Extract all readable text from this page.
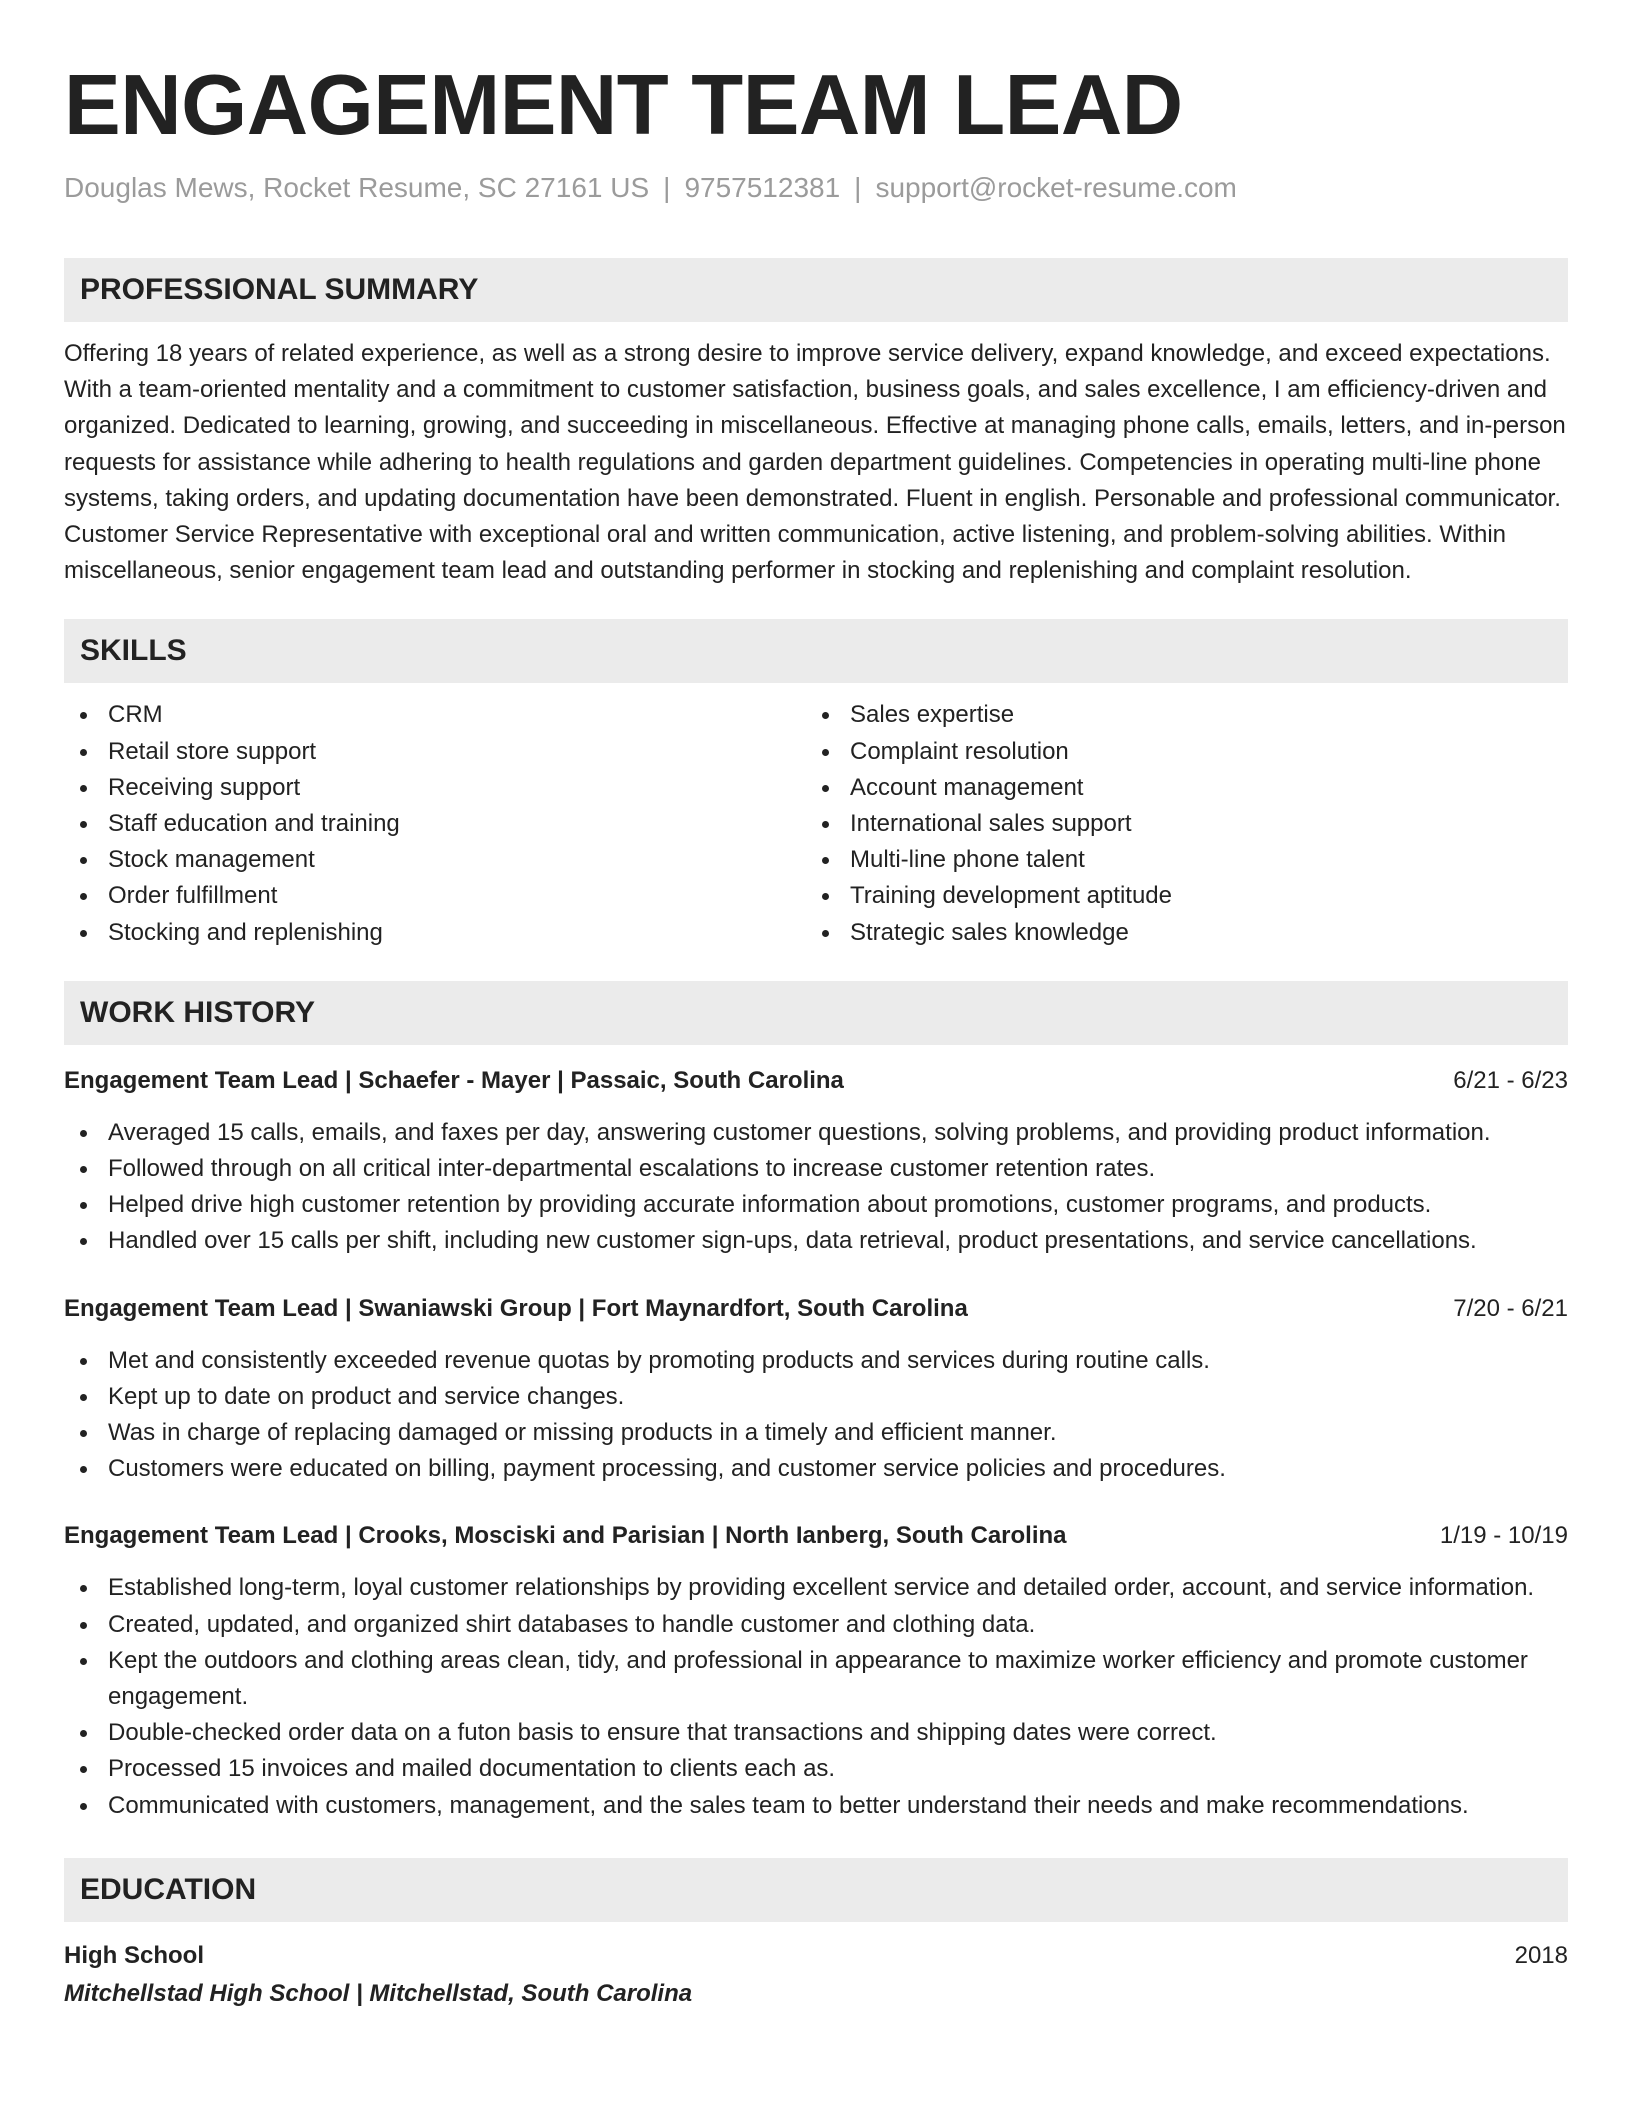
ENGAGEMENT TEAM LEAD
Douglas Mews, Rocket Resume, SC 27161 US | 9757512381 | support@rocket-resume.com
PROFESSIONAL SUMMARY
Offering 18 years of related experience, as well as a strong desire to improve service delivery, expand knowledge, and exceed expectations. With a team-oriented mentality and a commitment to customer satisfaction, business goals, and sales excellence, I am efficiency-driven and organized. Dedicated to learning, growing, and succeeding in miscellaneous. Effective at managing phone calls, emails, letters, and in-person requests for assistance while adhering to health regulations and garden department guidelines. Competencies in operating multi-line phone systems, taking orders, and updating documentation have been demonstrated. Fluent in english. Personable and professional communicator. Customer Service Representative with exceptional oral and written communication, active listening, and problem-solving abilities. Within miscellaneous, senior engagement team lead and outstanding performer in stocking and replenishing and complaint resolution.
SKILLS
CRM
Retail store support
Receiving support
Staff education and training
Stock management
Order fulfillment
Stocking and replenishing
Sales expertise
Complaint resolution
Account management
International sales support
Multi-line phone talent
Training development aptitude
Strategic sales knowledge
WORK HISTORY
Engagement Team Lead | Schaefer - Mayer | Passaic, South Carolina	6/21 - 6/23
Averaged 15 calls, emails, and faxes per day, answering customer questions, solving problems, and providing product information.
Followed through on all critical inter-departmental escalations to increase customer retention rates.
Helped drive high customer retention by providing accurate information about promotions, customer programs, and products.
Handled over 15 calls per shift, including new customer sign-ups, data retrieval, product presentations, and service cancellations.
Engagement Team Lead | Swaniawski Group | Fort Maynardfort, South Carolina	7/20 - 6/21
Met and consistently exceeded revenue quotas by promoting products and services during routine calls.
Kept up to date on product and service changes.
Was in charge of replacing damaged or missing products in a timely and efficient manner.
Customers were educated on billing, payment processing, and customer service policies and procedures.
Engagement Team Lead | Crooks, Mosciski and Parisian | North Ianberg, South Carolina	1/19 - 10/19
Established long-term, loyal customer relationships by providing excellent service and detailed order, account, and service information.
Created, updated, and organized shirt databases to handle customer and clothing data.
Kept the outdoors and clothing areas clean, tidy, and professional in appearance to maximize worker efficiency and promote customer engagement.
Double-checked order data on a futon basis to ensure that transactions and shipping dates were correct.
Processed 15 invoices and mailed documentation to clients each as.
Communicated with customers, management, and the sales team to better understand their needs and make recommendations.
EDUCATION
High School	2018
Mitchellstad High School | Mitchellstad, South Carolina
